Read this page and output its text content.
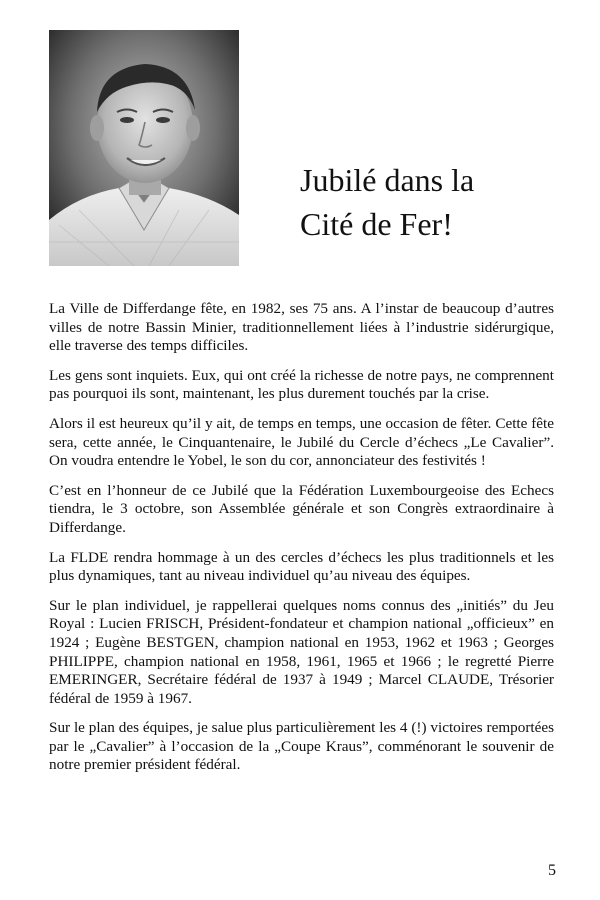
Jubilé dans la
Cité de Fer!

La Ville de Differdange fête, en 1982, ses 75 ans. A l’instar de beaucoup d’autres villes de notre Bassin Minier, traditionnellement liées à l’industrie sidérurgique, elle traverse des temps difficiles.

Les gens sont inquiets. Eux, qui ont créé la richesse de notre pays, ne comprennent pas pourquoi ils sont, maintenant, les plus durement touchés par la crise.

Alors il est heureux qu’il y ait, de temps en temps, une occasion de fêter. Cette fête sera, cette année, le Cinquantenaire, le Jubilé du Cercle d’échecs „Le Cavalier”. On voudra entendre le Yobel, le son du cor, annonciateur des festivités !

C’est en l’honneur de ce Jubilé que la Fédération Luxembourgeoise des Echecs tiendra, le 3 octobre, son Assemblée générale et son Congrès extraordinaire à Differdange.

La FLDE rendra hommage à un des cercles d’échecs les plus traditionnels et les plus dynamiques, tant au niveau individuel qu’au niveau des équipes.

Sur le plan individuel, je rappellerai quelques noms connus des „initiés” du Jeu Royal : Lucien FRISCH, Président-fondateur et champion national „officieux” en 1924 ; Eugène BESTGEN, champion national en 1953, 1962 et 1963 ; Georges PHILIPPE, champion national en 1958, 1961, 1965 et 1966 ; le regretté Pierre EMERINGER, Secrétaire fédéral de 1937 à 1949 ; Marcel CLAUDE, Trésorier fédéral de 1959 à 1967.

Sur le plan des équipes, je salue plus particulièrement les 4 (!) victoires remportées par le „Cavalier” à l’occasion de la „Coupe Kraus”, comménorant le souvenir de notre premier président fédéral.

5
